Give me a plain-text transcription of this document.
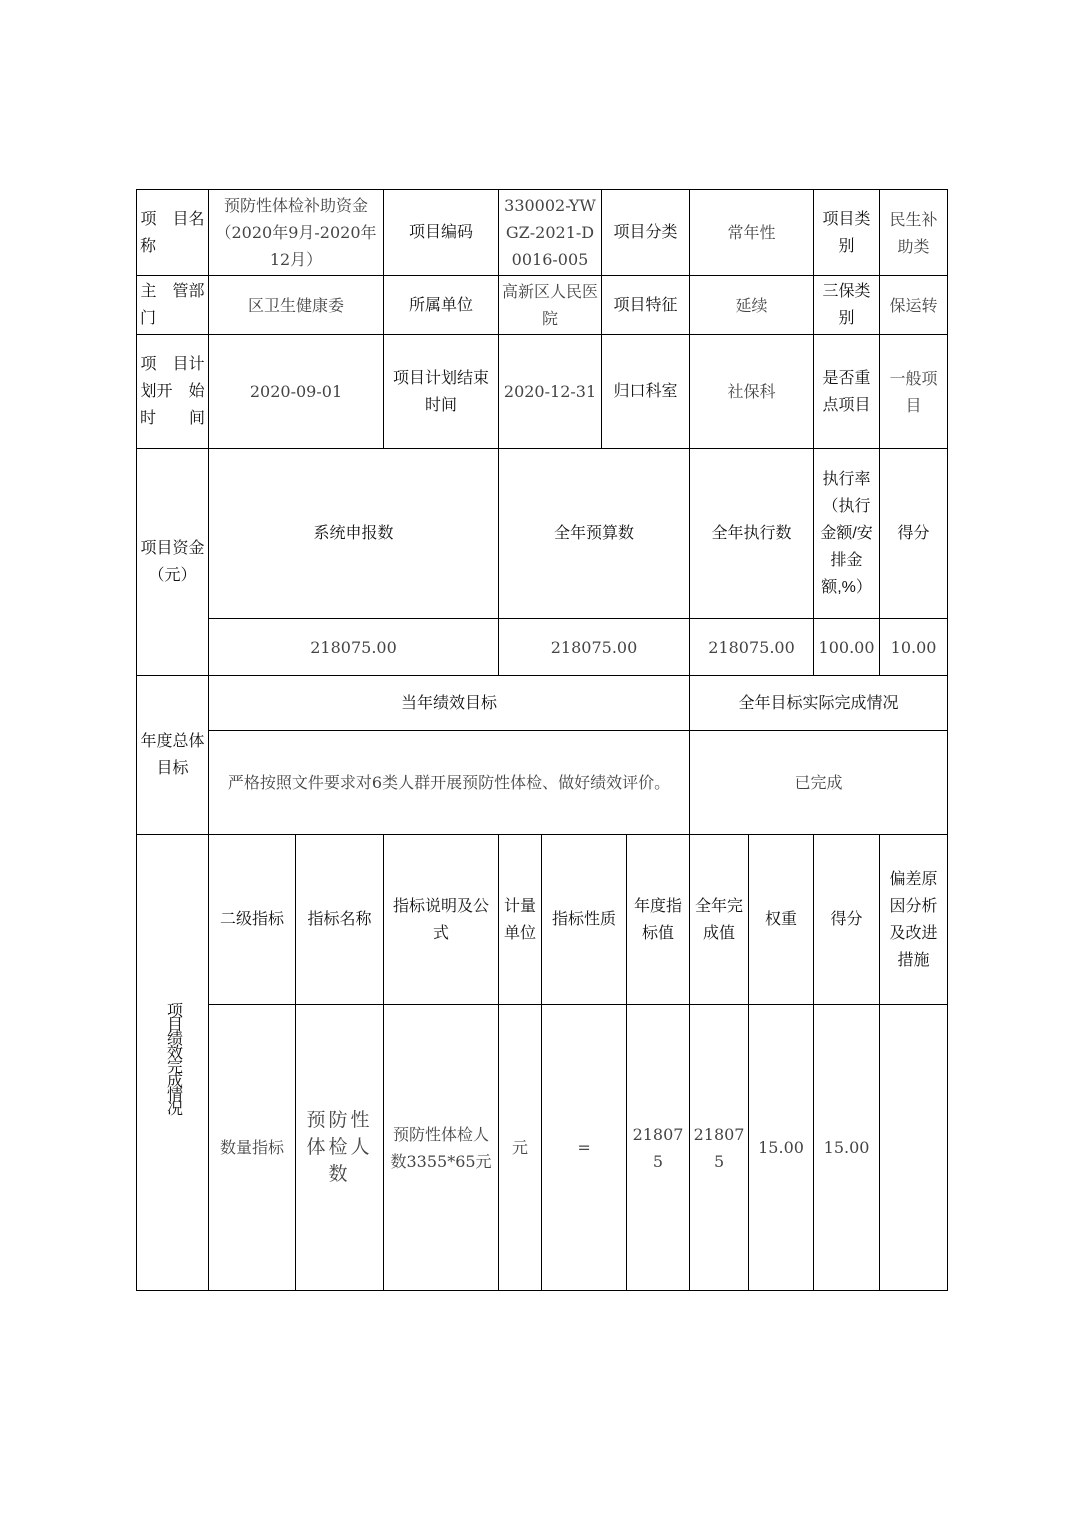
项　目名称	预防性体检补助资金（2020年9月-2020年12月）		项目编码	330002-YWGZ-2021-D0016-005		项目分类		常年性		项目类别	民生补助类
主　管部门	区卫生健康委		所属单位	高新区人民医院		项目特征		延续		三保类别	保运转
项　目计　划开　始时间	2020-09-01		项目计划结束时间	2020-12-31		归口科室		社保科		是否重点项目	一般项目
项目资金（元）	系统申报数			全年预算数				全年执行数		执行率（执行金额/安排金额,%）	得分
	218075.00			218075.00				218075.00		100.00	10.00
年度总体目标	当年绩效目标							全年目标实际完成情况			
	严格按照文件要求对6类人群开展预防性体检、做好绩效评价。							已完成			
项目绩效完成情况	二级指标	指标名称	指标说明及公式	计量单位	指标性质		年度指标值	全年完成值	权重	得分	偏差原因分析及改进措施
	数量指标	预防性体检人数	预防性体检人数3355*65元	元	=		218075	218075	15.00	15.00	
